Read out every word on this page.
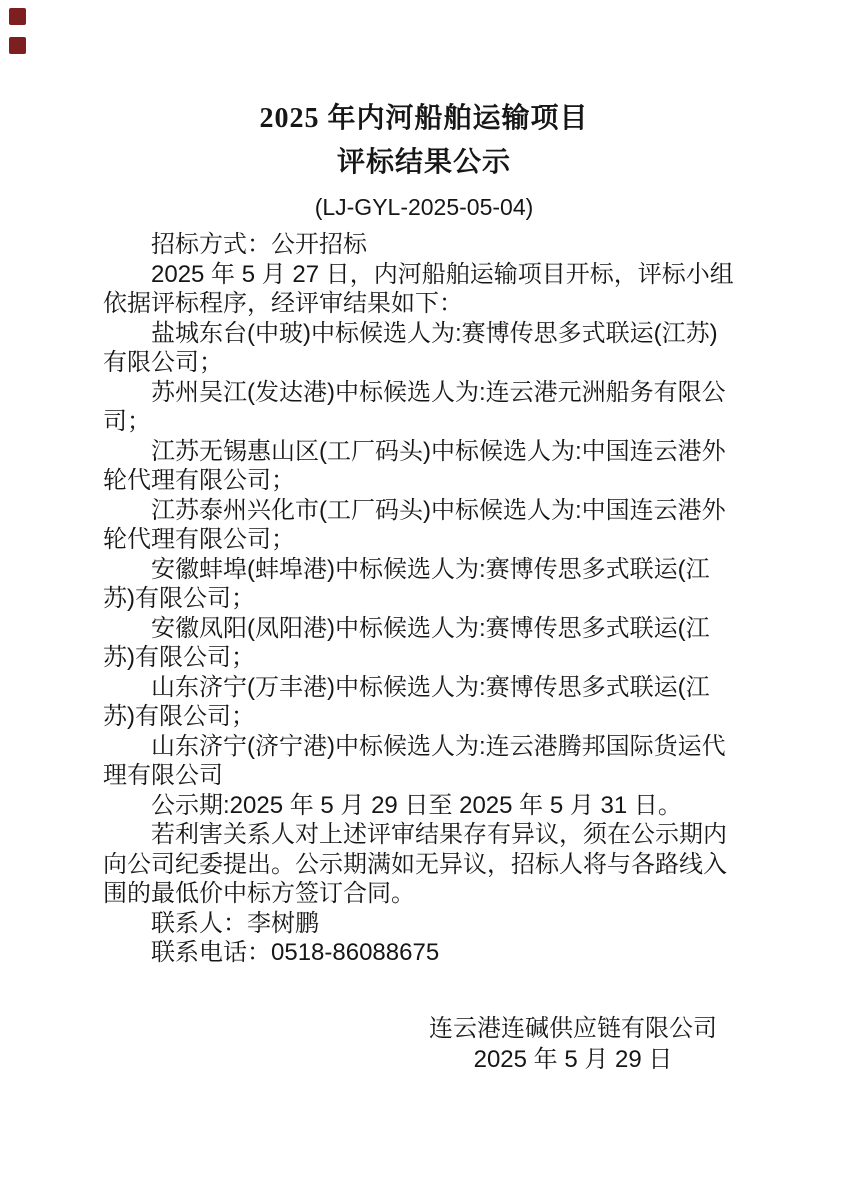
2025 年内河船舶运输项目
评标结果公示
(LJ-GYL-2025-05-04)

招标方式：公开招标

2025 年 5 月 27 日，内河船舶运输项目开标，评标小组依据评标程序，经评审结果如下：

盐城东台(中玻)中标候选人为:赛博传思多式联运(江苏)有限公司；

苏州吴江(发达港)中标候选人为:连云港元洲船务有限公司；

江苏无锡惠山区(工厂码头)中标候选人为:中国连云港外轮代理有限公司；

江苏泰州兴化市(工厂码头)中标候选人为:中国连云港外轮代理有限公司；

安徽蚌埠(蚌埠港)中标候选人为:赛博传思多式联运(江苏)有限公司；

安徽凤阳(凤阳港)中标候选人为:赛博传思多式联运(江苏)有限公司；

山东济宁(万丰港)中标候选人为:赛博传思多式联运(江苏)有限公司；

山东济宁(济宁港)中标候选人为:连云港腾邦国际货运代理有限公司

公示期:2025 年 5 月 29 日至 2025 年 5 月 31 日。

若利害关系人对上述评审结果存有异议，须在公示期内向公司纪委提出。公示期满如无异议，招标人将与各路线入围的最低价中标方签订合同。

联系人：李树鹏

联系电话：0518-86088675

连云港连碱供应链有限公司
2025 年 5 月 29 日
